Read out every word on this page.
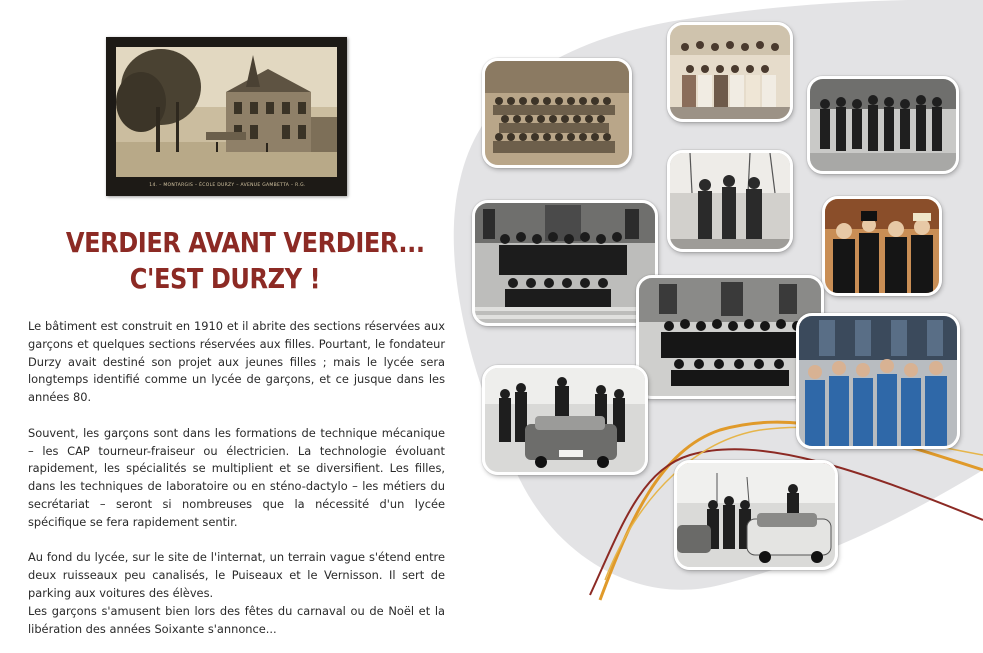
14. – MONTARGIS – ÉCOLE DURZY – AVENUE GAMBETTA – R.G.
VERDIER AVANT VERDIER...
C'EST DURZY !

Le bâtiment est construit en 1910 et il abrite des sections réservées aux garçons et quelques sections réservées aux filles. Pourtant, le fondateur Durzy avait destiné son projet aux jeunes filles ; mais le lycée sera longtemps identifié comme un lycée de garçons, et ce jusque dans les années 80.

Souvent, les garçons sont dans les formations de technique mécanique – les CAP tourneur-fraiseur ou électricien. La technologie évoluant rapidement, les spécialités se multiplient et se diversifient. Les filles, dans les techniques de laboratoire ou en sténo-dactylo – les métiers du secrétariat – seront si nombreuses que la nécessité d'un lycée spécifique se fera rapidement sentir.

Au fond du lycée, sur le site de l'internat, un terrain vague s'étend entre deux ruisseaux peu canalisés, le Puiseaux et le Vernisson. Il sert de parking aux voitures des élèves.

Les garçons s'amusent bien lors des fêtes du carnaval ou de Noël et la libération des années Soixante s'annonce...
